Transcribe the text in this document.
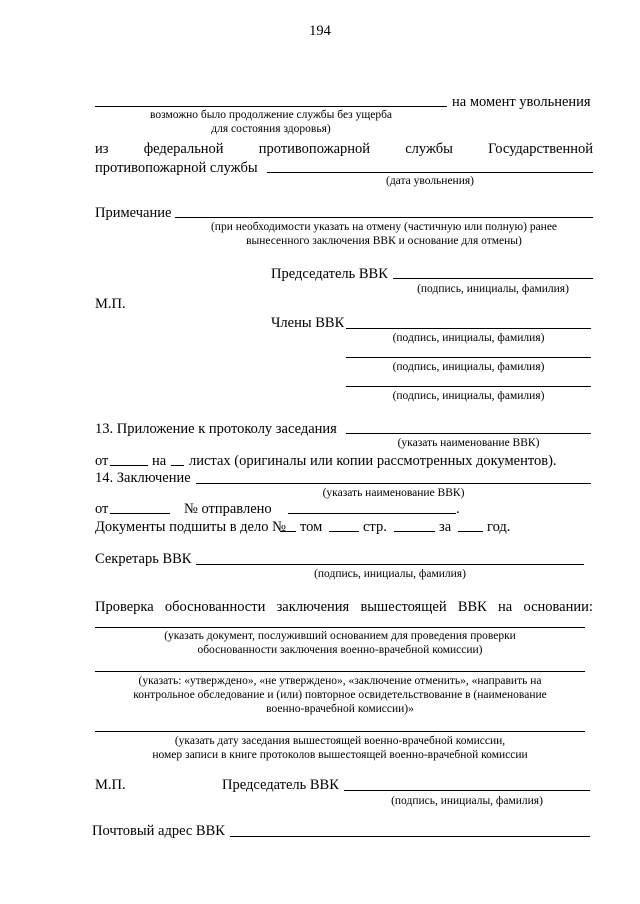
194
на момент увольнения
возможно было продолжение службы без ущерба
для состояния здоровья)
из федеральной противопожарной службы Государственной
противопожарной службы
(дата увольнения)
Примечание
(при необходимости указать на отмену (частичную или полную) ранее
вынесенного заключения ВВК и основание для отмены)
Председатель ВВК
(подпись, инициалы, фамилия)
М.П.
Члены ВВК
(подпись, инициалы, фамилия)
(подпись, инициалы, фамилия)
(подпись, инициалы, фамилия)
13. Приложение к протоколу заседания
(указать наименование ВВК)
от	на листах (оригиналы или копии рассмотренных документов).
14. Заключение
(указать наименование ВВК)
от	№ отправлено	.
Документы подшиты в дело № том	стр.	за год.
Секретарь ВВК
(подпись, инициалы, фамилия)
Проверка обоснованности заключения вышестоящей ВВК на основании:
(указать документ, послуживший основанием для проведения проверки
обоснованности заключения военно-врачебной комиссии)
(указать: «утверждено», «не утверждено», «заключение отменить», «направить на
контрольное обследование и (или) повторное освидетельствование в (наименование
военно-врачебной комиссии)»
(указать дату заседания вышестоящей военно-врачебной комиссии,
номер записи в книге протоколов вышестоящей военно-врачебной комиссии
М.П.	Председатель ВВК
(подпись, инициалы, фамилия)
Почтовый адрес ВВК
